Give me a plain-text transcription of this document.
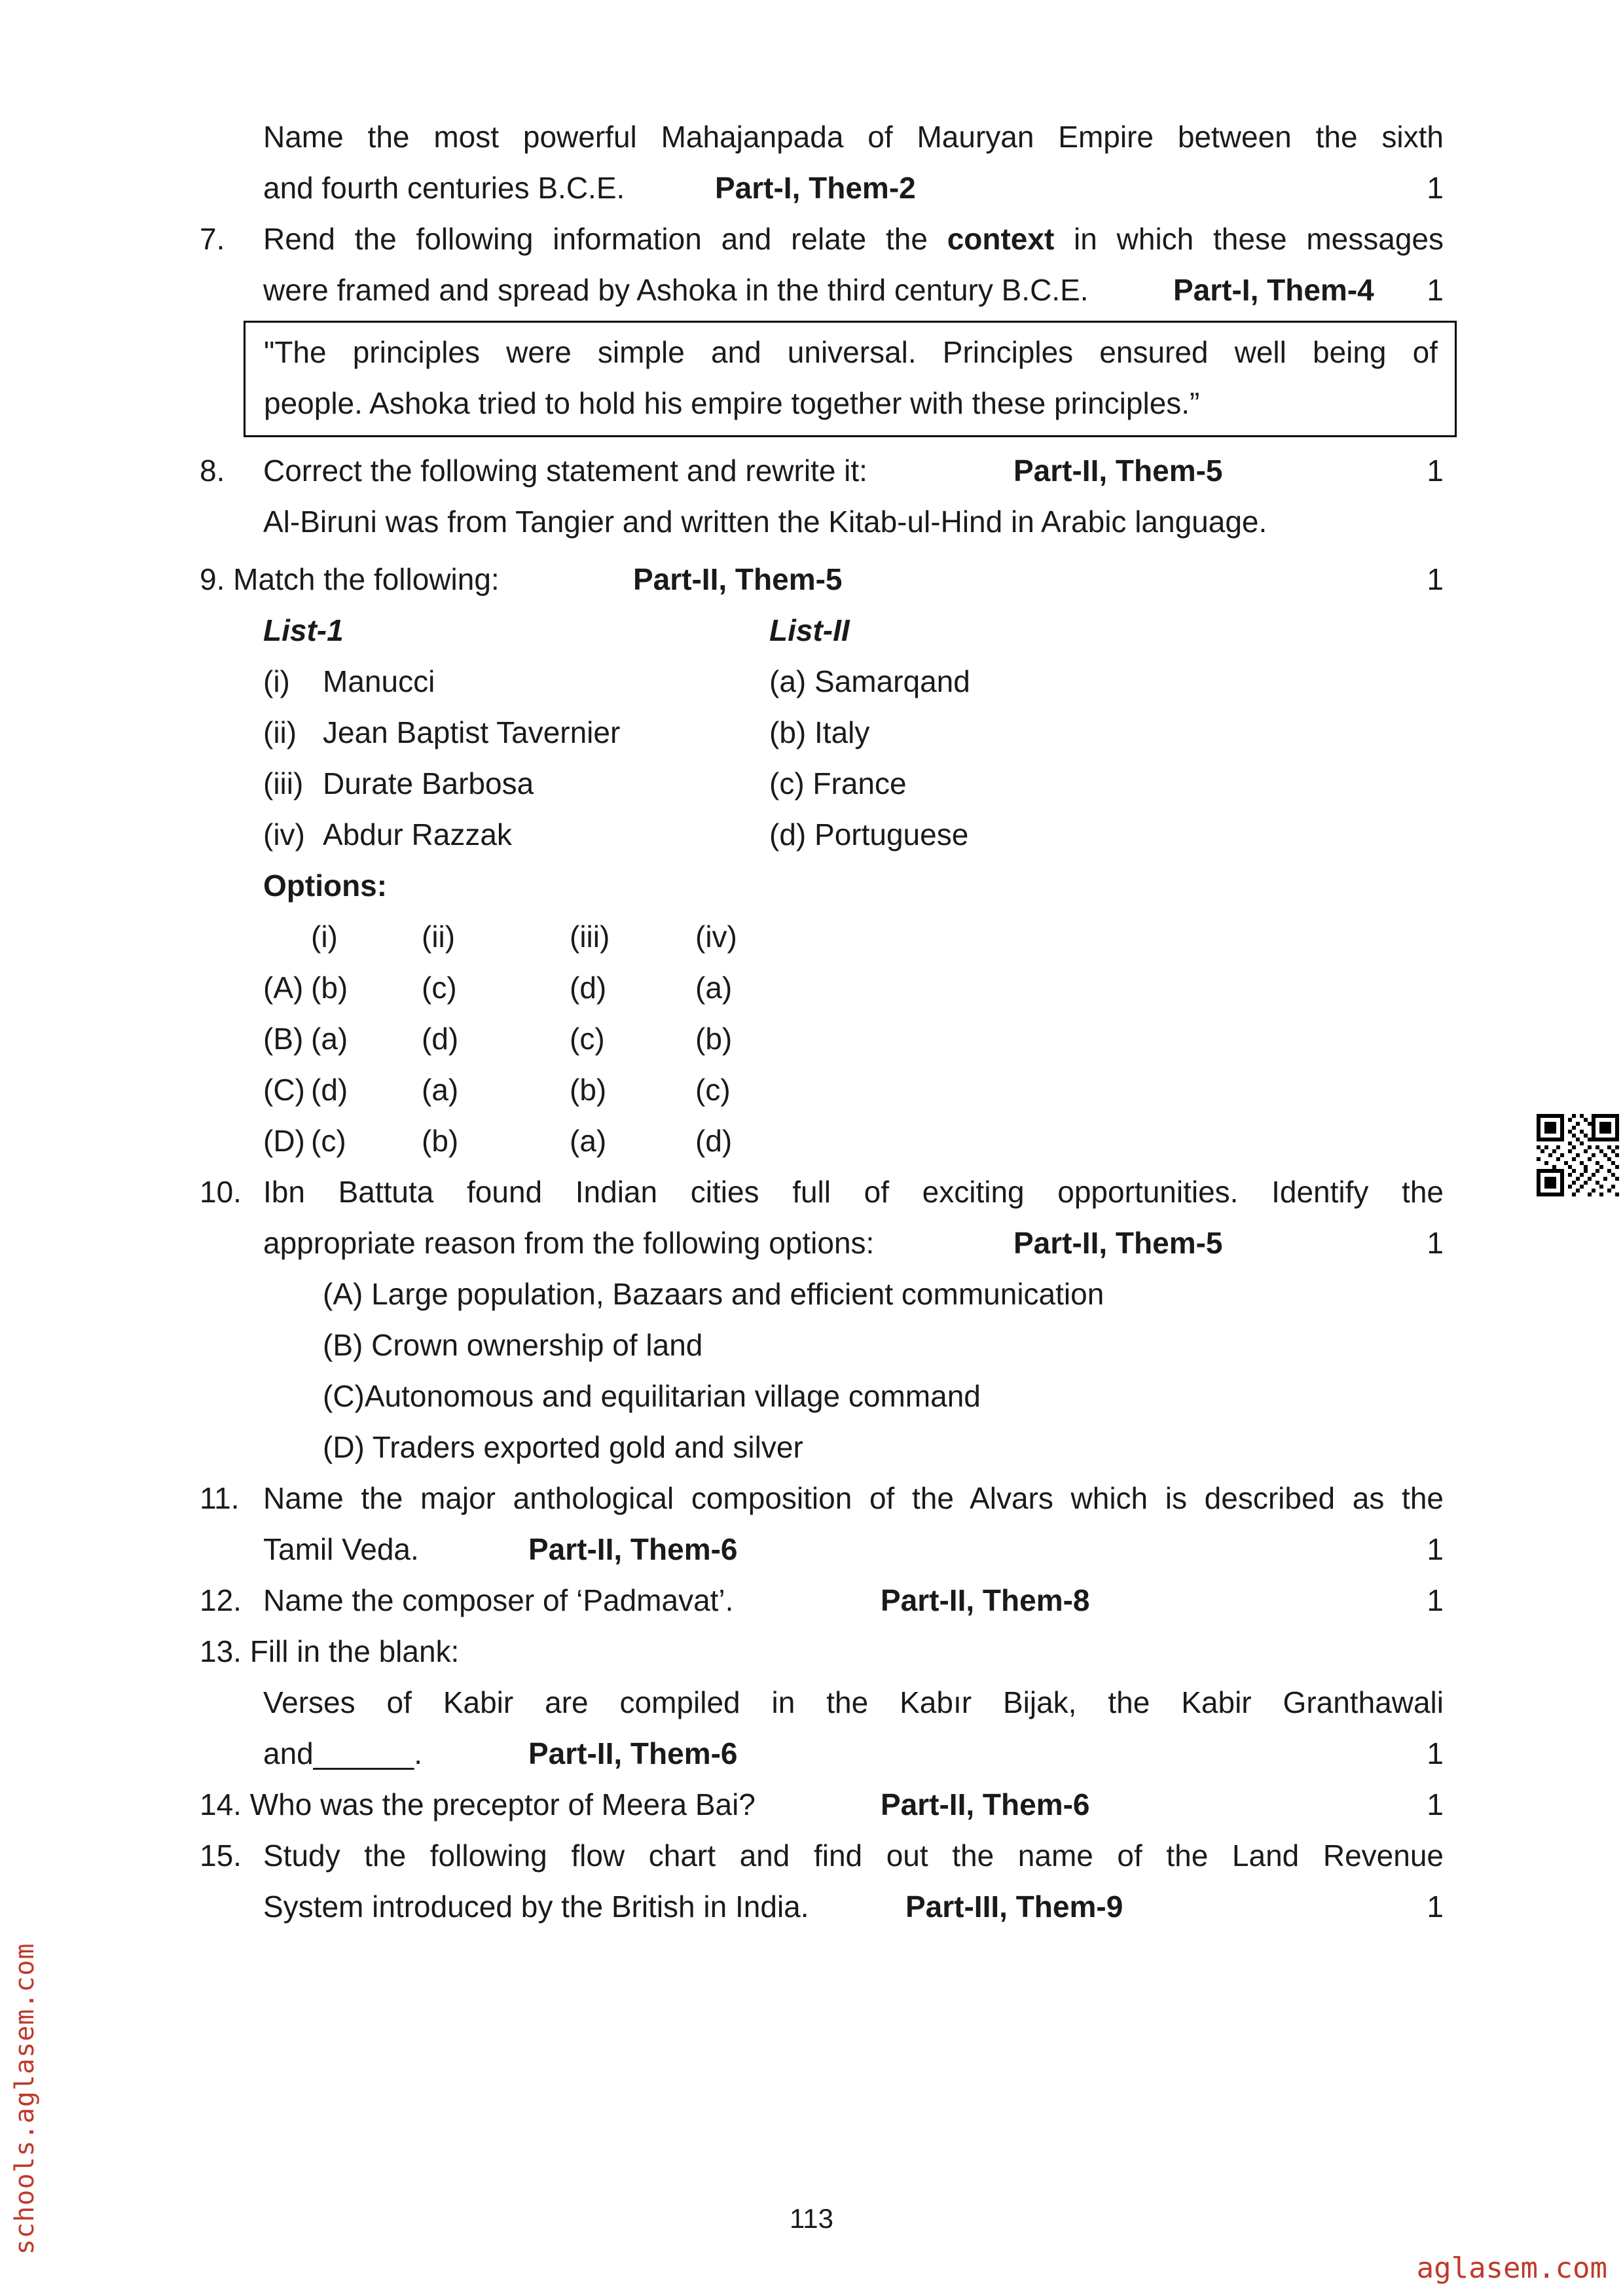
Name the most powerful Mahajanpada of Mauryan Empire between the sixth
and fourth centuries B.C.E.	Part-I, Them-2	1
7. Rend the following information and relate the context in which these messages
were framed and spread by Ashoka in the third century B.C.E.	Part-I, Them-4 1
"The principles were simple and universal. Principles ensured well being of
people. Ashoka tried to hold his empire together with these principles.”
8. Correct the following statement and rewrite it:	Part-II, Them-5	1
Al-Biruni was from Tangier and written the Kitab-ul-Hind in Arabic language.
9. Match the following:	Part-II, Them-5	1
List-1	List-II
(i)	Manucci	(a) Samarqand
(ii) Jean Baptist Tavernier	(b) Italy
(iii) Durate Barbosa	(c) France
(iv) Abdur Razzak	(d) Portuguese
Options:
(i)	(ii)	(iii)	(iv)
(A) (b)	(c)	(d)	(a)
(B) (a)	(d)	(c)	(b)
(C) (d)	(a)	(b)	(c)
(D) (c)	(b)	(a)	(d)
10. Ibn Battuta found Indian cities full of exciting opportunities. Identify the
appropriate reason from the following options:	Part-II, Them-5	1
(A) Large population, Bazaars and efficient communication
(B) Crown ownership of land
(C)Autonomous and equilitarian village command
(D) Traders exported gold and silver
11. Name the major anthological composition of the Alvars which is described as the
Tamil Veda.	Part-II, Them-6	1
12. Name the composer of ‘Padmavat’.	Part-II, Them-8	1
13. Fill in the blank:
Verses of Kabir are compiled in the Kabır Bijak, the Kabir Granthawali
and______.	Part-II, Them-6	1
14. Who was the preceptor of Meera Bai?	Part-II, Them-6	1
15. Study the following flow chart and find out the name of the Land Revenue
System introduced by the British in India.	Part-III, Them-9	1
113
schools.aglasem.com
aglasem.com
